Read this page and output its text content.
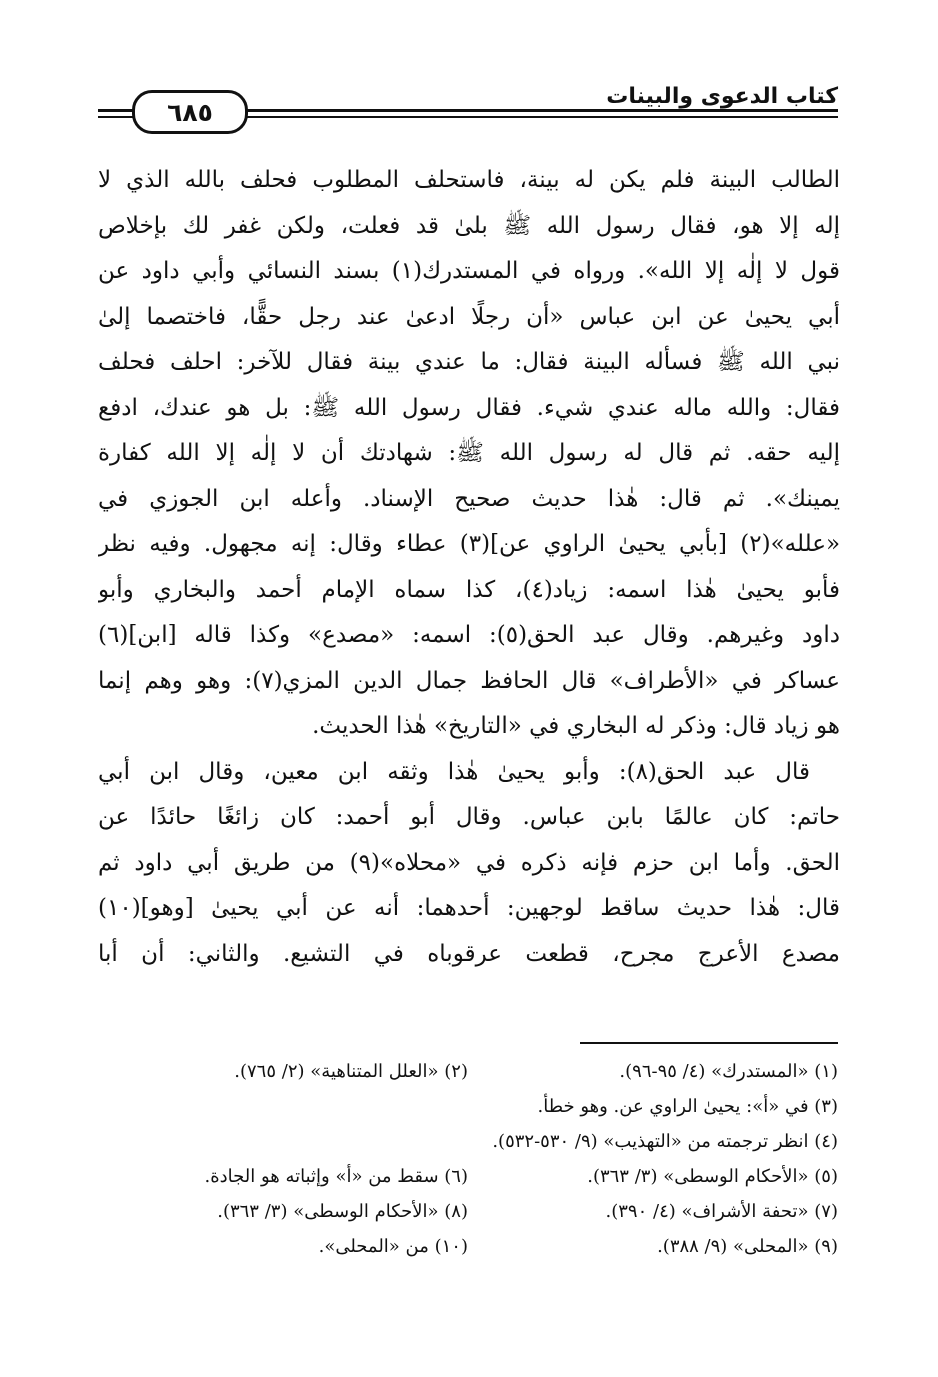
٦٨٥
كتاب الدعوى والبينات
الطالب البينة فلم يكن له بينة، فاستحلف المطلوب فحلف بالله الذي لا
إله إلا هو، فقال رسول الله ﷺ بلىٰ قد فعلت، ولكن غفر لك بإخلاص
قول لا إلٰه إلا الله». ورواه في المستدرك(١) بسند النسائي وأبي داود عن
أبي يحيىٰ عن ابن عباس «أن رجلًا ادعىٰ عند رجل حقًّا، فاختصما إلىٰ
نبي الله ﷺ فسأله البينة فقال: ما عندي بينة فقال للآخر: احلف فحلف
فقال: والله ماله عندي شيء. فقال رسول الله ﷺ: بل هو عندك، ادفع
إليه حقه. ثم قال له رسول الله ﷺ: شهادتك أن لا إلٰه إلا الله كفارة
يمينك». ثم قال: هٰذا حديث صحيح الإسناد. وأعله ابن الجوزي في
«علله»(٢) [بأبي يحيىٰ الراوي عن](٣) عطاء وقال: إنه مجهول. وفيه نظر
فأبو يحيىٰ هٰذا اسمه: زياد(٤)، كذا سماه الإمام أحمد والبخاري وأبو
داود وغيرهم. وقال عبد الحق(٥): اسمه: «مصدع» وكذا قاله [ابن](٦)
عساكر في «الأطراف» قال الحافظ جمال الدين المزي(٧): وهو وهم إنما
هو زياد قال: وذكر له البخاري في «التاريخ» هٰذا الحديث.
قال عبد الحق(٨): وأبو يحيىٰ هٰذا وثقه ابن معين، وقال ابن أبي
حاتم: كان عالمًا بابن عباس. وقال أبو أحمد: كان زائغًا حائدًا عن
الحق. وأما ابن حزم فإنه ذكره في «محلاه»(٩) من طريق أبي داود ثم
قال: هٰذا حديث ساقط لوجهين: أحدهما: أنه عن أبي يحيىٰ [وهو](١٠)
مصدع الأعرج مجرح، قطعت عرقوباه في التشيع. والثاني: أن أبا
(١) «المستدرك» (٤/ ٩٥-٩٦).
(٢) «العلل المتناهية» (٢/ ٧٦٥).
(٣) في «أ»: يحيىٰ الراوي عن. وهو خطأ.
(٤) انظر ترجمته من «التهذيب» (٩/ ٥٣٠-٥٣٢).
(٥) «الأحكام الوسطى» (٣/ ٣٦٣).
(٦) سقط من «أ» وإثباته هو الجادة.
(٧) «تحفة الأشراف» (٤/ ٣٩٠).
(٨) «الأحكام الوسطى» (٣/ ٣٦٣).
(٩) «المحلى» (٩/ ٣٨٨).
(١٠) من «المحلى».
